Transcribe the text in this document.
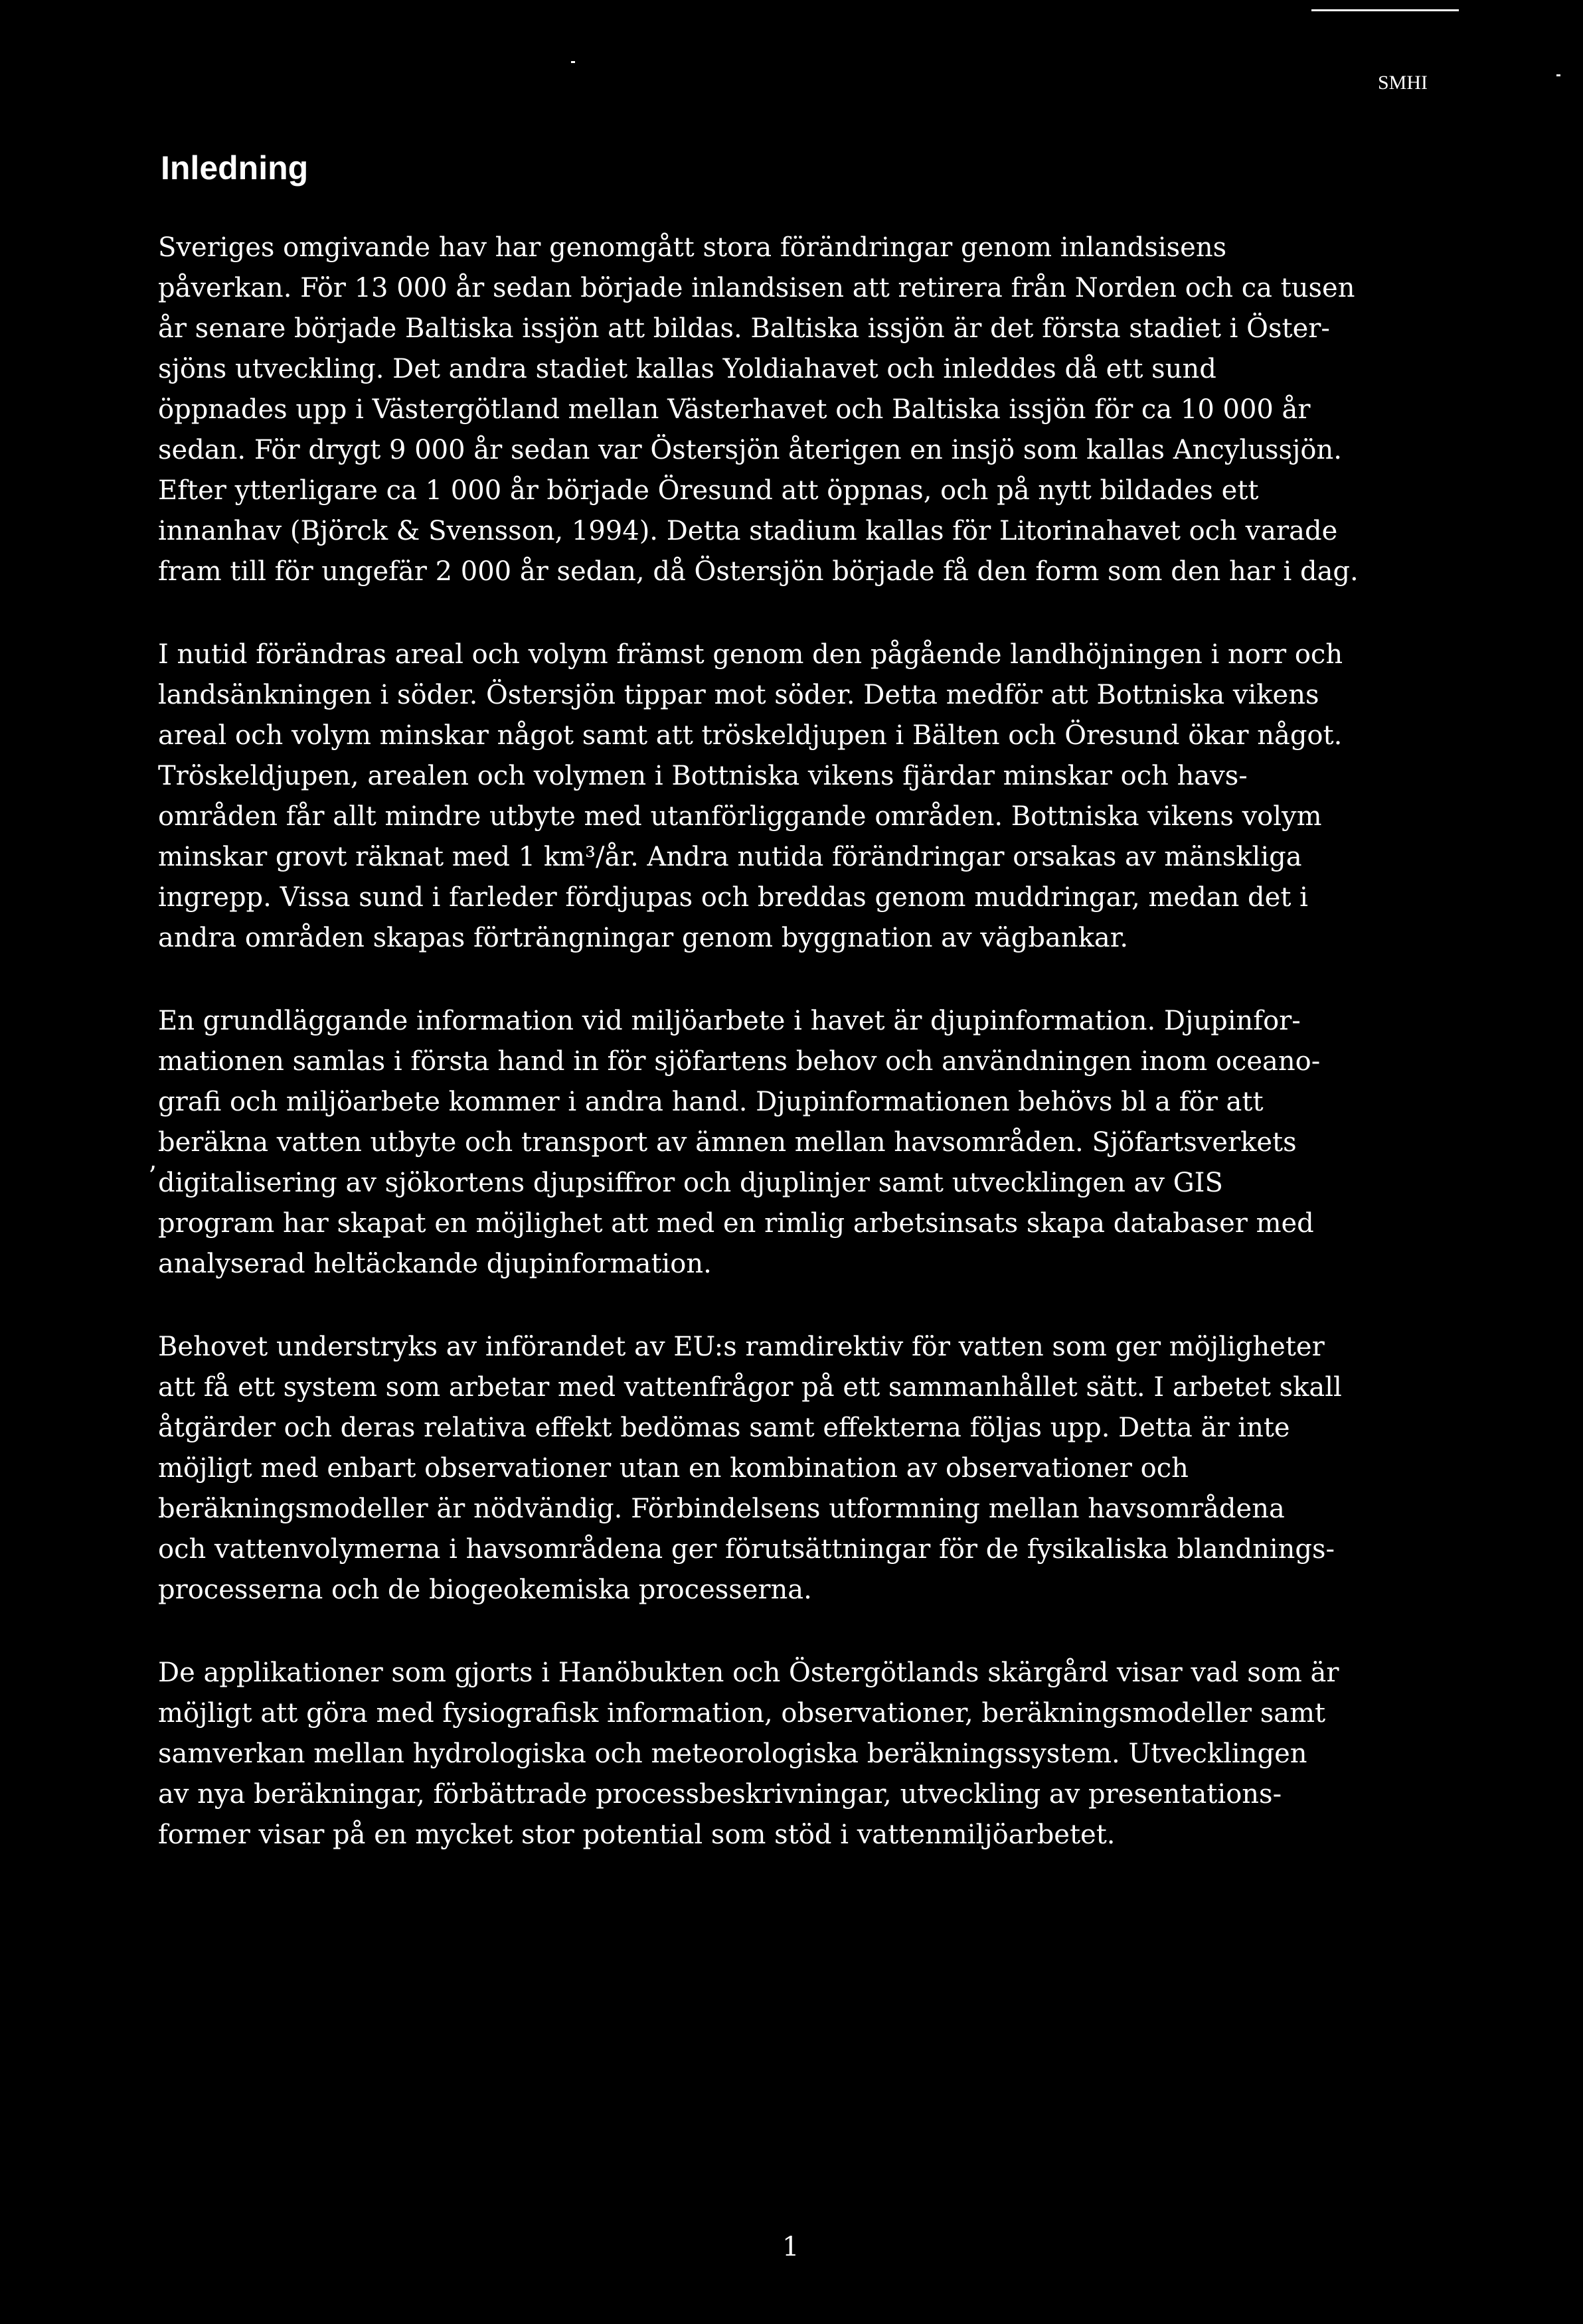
SMHI
Inledning
ʼ

Sveriges omgivande hav har genomgått stora förändringar genom inlandsisens
påverkan. För 13 000 år sedan började inlandsisen att retirera från Norden och ca tusen
år senare började Baltiska issjön att bildas. Baltiska issjön är det första stadiet i Öster-
sjöns utveckling. Det andra stadiet kallas Yoldiahavet och inleddes då ett sund
öppnades upp i Västergötland mellan Västerhavet och Baltiska issjön för ca 10 000 år
sedan. För drygt 9 000 år sedan var Östersjön återigen en insjö som kallas Ancylussjön.
Efter ytterligare ca 1 000 år började Öresund att öppnas, och på nytt bildades ett
innanhav (Björck & Svensson, 1994). Detta stadium kallas för Litorinahavet och varade
fram till för ungefär 2 000 år sedan, då Östersjön började få den form som den har i dag.

I nutid förändras areal och volym främst genom den pågående landhöjningen i norr och
landsänkningen i söder. Östersjön tippar mot söder. Detta medför att Bottniska vikens
areal och volym minskar något samt att tröskeldjupen i Bälten och Öresund ökar något.
Tröskeldjupen, arealen och volymen i Bottniska vikens fjärdar minskar och havs-
områden får allt mindre utbyte med utanförliggande områden. Bottniska vikens volym
minskar grovt räknat med 1 km³/år. Andra nutida förändringar orsakas av mänskliga
ingrepp. Vissa sund i farleder fördjupas och breddas genom muddringar, medan det i
andra områden skapas förträngningar genom byggnation av vägbankar.

En grundläggande information vid miljöarbete i havet är djupinformation. Djupinfor-
mationen samlas i första hand in för sjöfartens behov och användningen inom oceano-
grafi och miljöarbete kommer i andra hand. Djupinformationen behövs bl a för att
beräkna vatten utbyte och transport av ämnen mellan havsområden. Sjöfartsverkets
digitalisering av sjökortens djupsiffror och djuplinjer samt utvecklingen av GIS
program har skapat en möjlighet att med en rimlig arbetsinsats skapa databaser med
analyserad heltäckande djupinformation.

Behovet understryks av införandet av EU:s ramdirektiv för vatten som ger möjligheter
att få ett system som arbetar med vattenfrågor på ett sammanhållet sätt. I arbetet skall
åtgärder och deras relativa effekt bedömas samt effekterna följas upp. Detta är inte
möjligt med enbart observationer utan en kombination av observationer och
beräkningsmodeller är nödvändig. Förbindelsens utformning mellan havsområdena
och vattenvolymerna i havsområdena ger förutsättningar för de fysikaliska blandnings-
processerna och de biogeokemiska processerna.

De applikationer som gjorts i Hanöbukten och Östergötlands skärgård visar vad som är
möjligt att göra med fysiografisk information, observationer, beräkningsmodeller samt
samverkan mellan hydrologiska och meteorologiska beräkningssystem. Utvecklingen
av nya beräkningar, förbättrade processbeskrivningar, utveckling av presentations-
former visar på en mycket stor potential som stöd i vattenmiljöarbetet.

1
